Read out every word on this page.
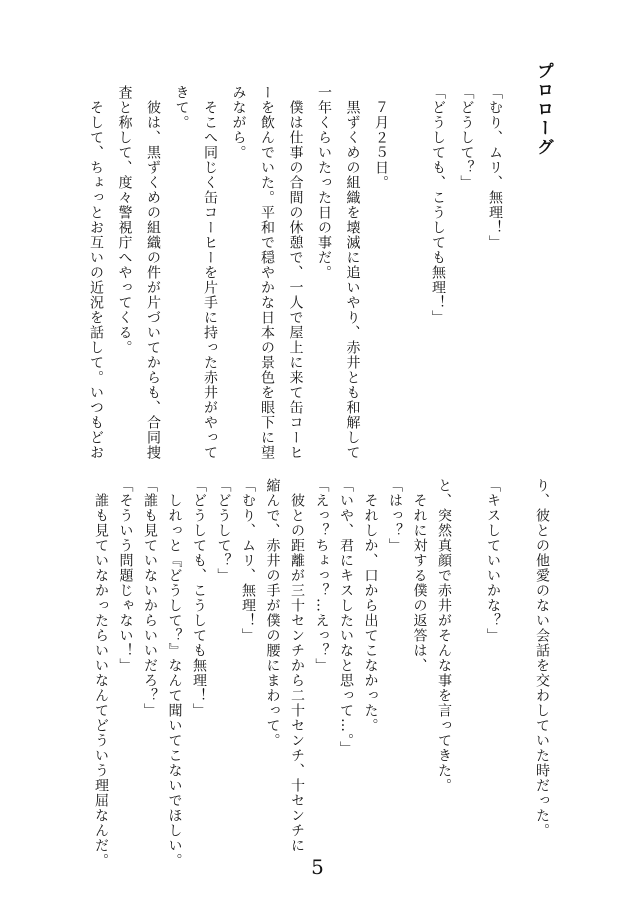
プロローグ
「むり、ムリ、無理！」
「どうして？」
「どうしても、こうしても無理！」
　７月２５日。
　黒ずくめの組織を壊滅に追いやり、赤井とも和解して
一年くらいたった日の事だ。
　僕は仕事の合間の休憩で、一人で屋上に来て缶コーヒ
ーを飲んでいた。平和で穏やかな日本の景色を眼下に望
みながら。
　そこへ同じく缶コーヒーを片手に持った赤井がやって
きて。
　彼は、黒ずくめの組織の件が片づいてからも、合同捜
査と称して、度々警視庁へやってくる。
　そして、ちょっとお互いの近況を話して。いつもどお
り、彼との他愛のない会話を交わしていた時だった。
「キスしていいかな？」
と、突然真顔で赤井がそんな事を言ってきた。
　それに対する僕の返答は、
「はっ？」
　それしか、口から出てこなかった。
「いや、君にキスしたいなと思って…。」
「えっ？ちょっ？…えっ？」
　彼との距離が三十センチから二十センチ、十センチに
縮んで、赤井の手が僕の腰にまわって。
「むり、ムリ、無理！」
「どうして？」
「どうしても、こうしても無理！」
　しれっと『どうして？』なんて聞いてこないでほしい。
「誰も見ていないからいいだろ？」
「そういう問題じゃない！」
　誰も見ていなかったらいいなんてどういう理屈なんだ。	5
